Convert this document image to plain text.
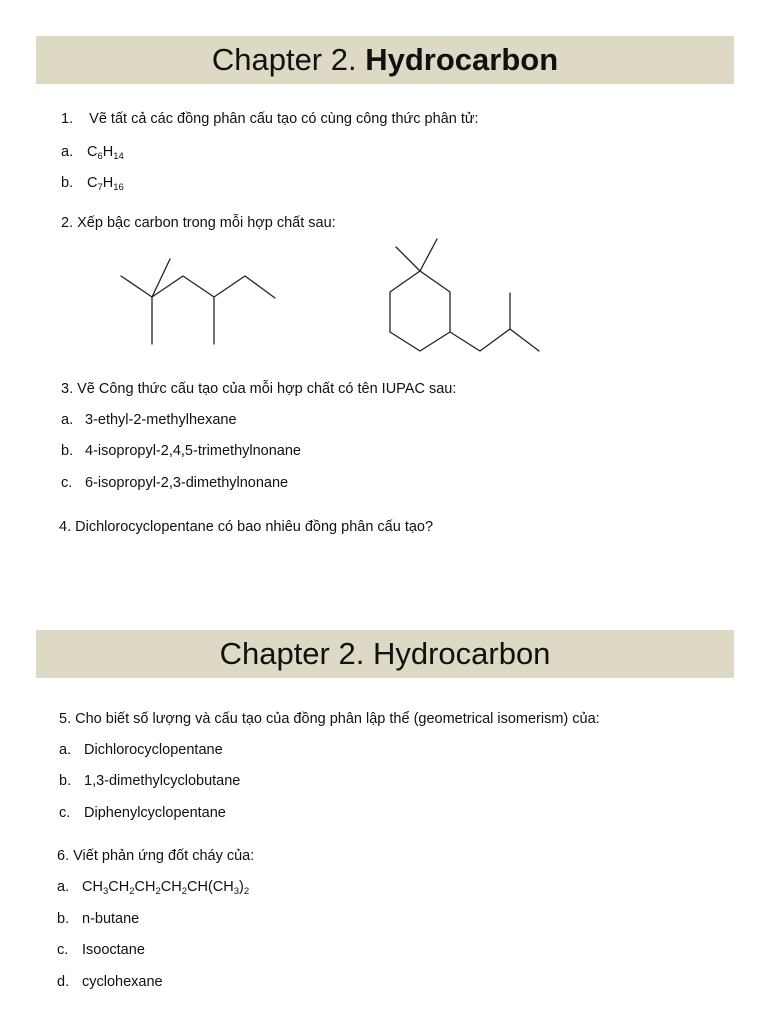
Chapter 2. Hydrocarbon
1. Vẽ tất cả các đồng phân cấu tạo có cùng công thức phân tử:
a. $C_6H_{14}$
b. $C_7H_{16}$
2. Xếp bậc carbon trong mỗi hợp chất sau:
3. Vẽ Công thức cấu tạo của mỗi hợp chất có tên IUPAC sau:
a. 3-ethyl-2-methylhexane
b. 4-isopropyl-2,4,5-trimethylnonane
c. 6-isopropyl-2,3-dimethylnonane
4. Dichlorocyclopentane có bao nhiêu đồng phân cấu tạo?
Chapter 2. Hydrocarbon
5. Cho biết số lượng và cấu tạo của đồng phân lập thể (geometrical isomerism) của:
a. Dichlorocyclopentane
b. 1,3-dimethylcyclobutane
c. Diphenylcyclopentane
6. Viết phản ứng đốt cháy của:
a. $CH_3CH_2CH_2CH_2CH(CH_3)_2$
b. n-butane
c. Isooctane
d. cyclohexane
